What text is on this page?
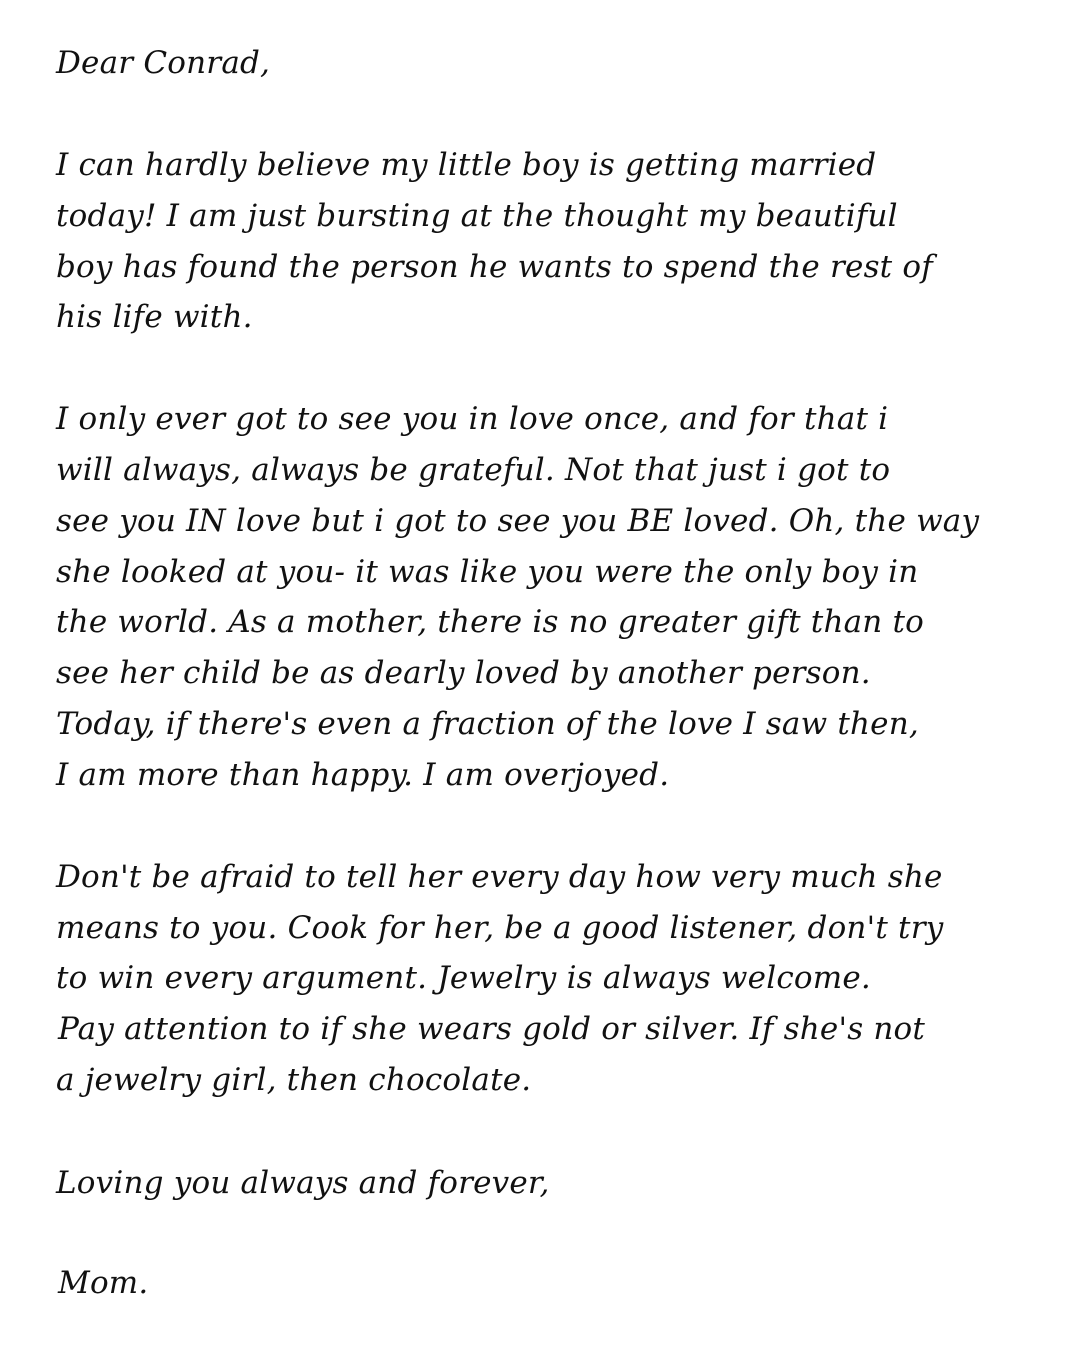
Dear Conrad,
I can hardly believe my little boy is getting married
today! I am just bursting at the thought my beautiful
boy has found the person he wants to spend the rest of
his life with.
I only ever got to see you in love once, and for that i
will always, always be grateful. Not that just i got to
see you IN love but i got to see you BE loved. Oh, the way
she looked at you- it was like you were the only boy in
the world. As a mother, there is no greater gift than to
see her child be as dearly loved by another person.
Today, if there's even a fraction of the love I saw then,
I am more than happy. I am overjoyed.
Don't be afraid to tell her every day how very much she
means to you. Cook for her, be a good listener, don't try
to win every argument. Jewelry is always welcome.
Pay attention to if she wears gold or silver. If she's not
a jewelry girl, then chocolate.
Loving you always and forever,
Mom.
